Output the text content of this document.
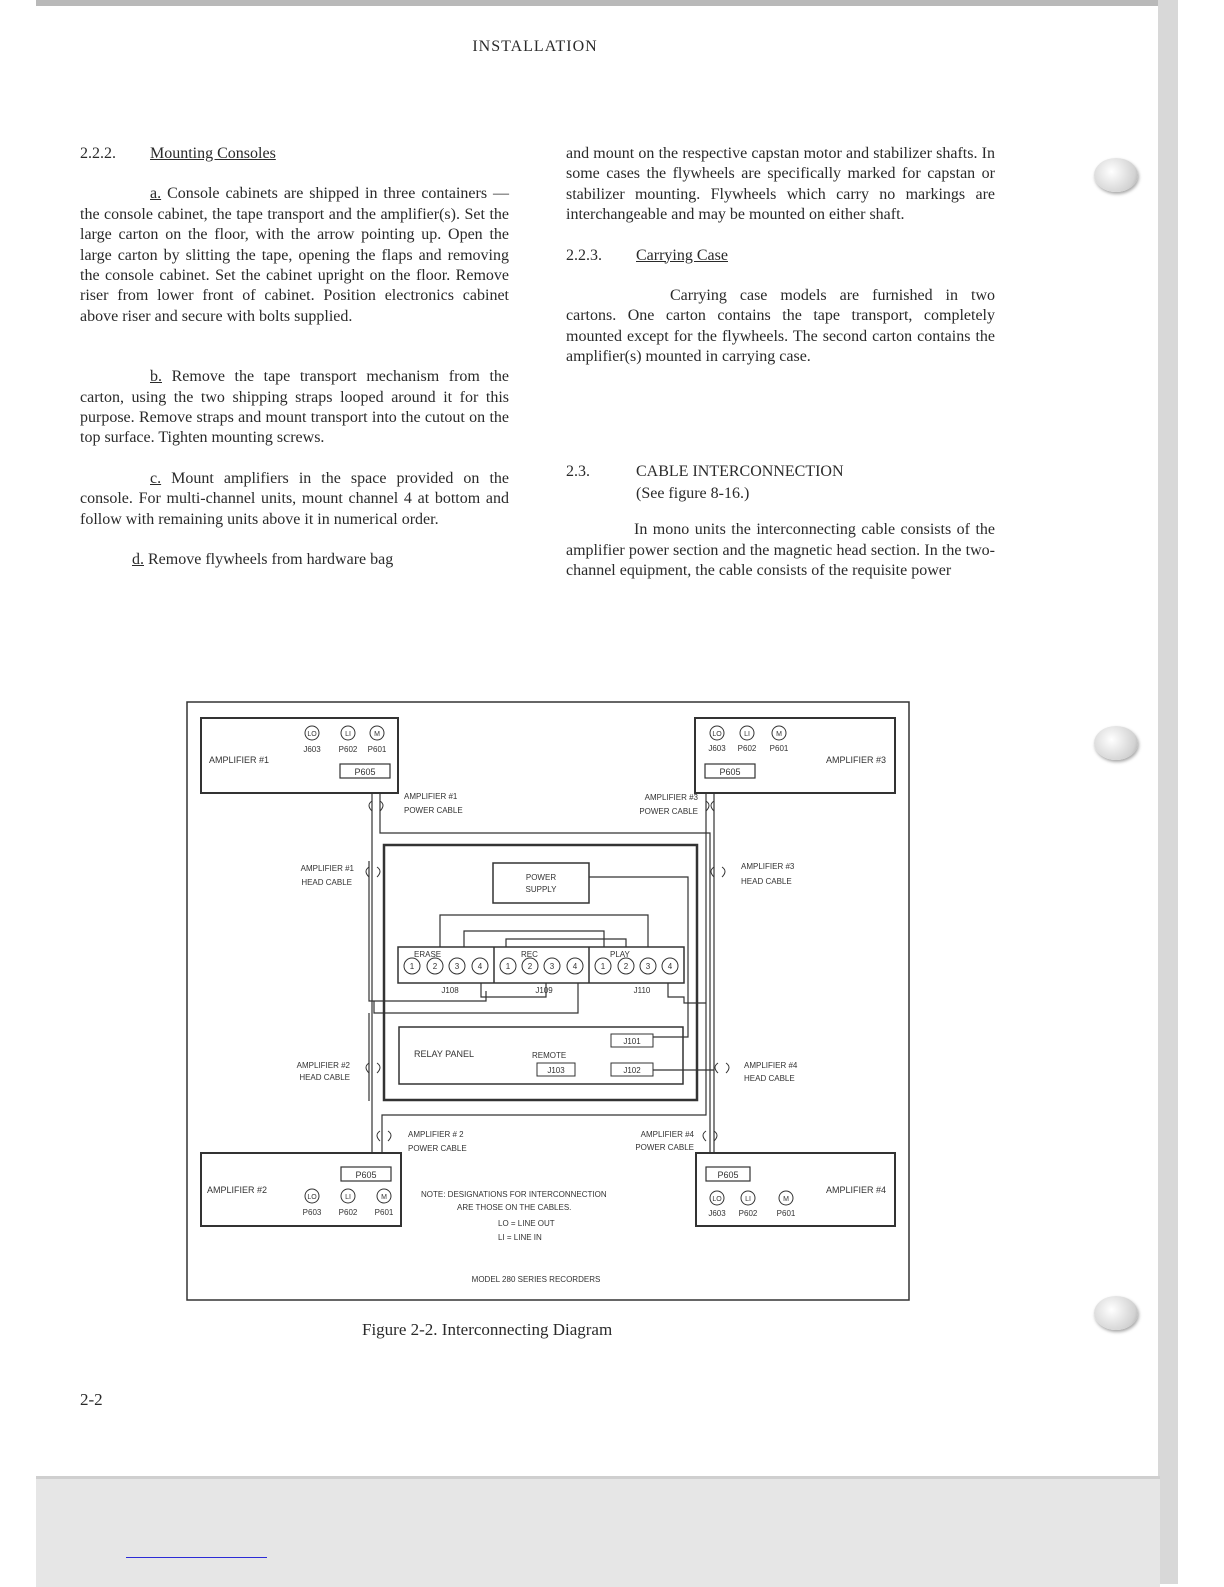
INSTALLATION
2.2.2. Mounting Consoles

a. Console cabinets are shipped in three containers — the console cabinet, the tape transport and the amplifier(s). Set the large carton on the floor, with the arrow pointing up. Open the large carton by slitting the tape, opening the flaps and removing the console cabinet. Set the cabinet upright on the floor. Remove riser from lower front of cabinet. Position electronics cabinet above riser and secure with bolts supplied.

b. Remove the tape transport mechanism from the carton, using the two shipping straps looped around it for this purpose. Remove straps and mount transport into the cutout on the top surface. Tighten mounting screws.

c. Mount amplifiers in the space provided on the console. For multi-channel units, mount channel 4 at bottom and follow with remaining units above it in numerical order.

d. Remove flywheels from hardware bag

and mount on the respective capstan motor and stabilizer shafts. In some cases the flywheels are specifically marked for capstan or stabilizer mounting. Flywheels which carry no markings are interchangeable and may be mounted on either shaft.

2.2.3. Carrying Case

Carrying case models are furnished in two cartons. One carton contains the tape transport, completely mounted except for the flywheels. The second carton contains the amplifier(s) mounted in carrying case.

2.3.	CABLE INTERCONNECTION
(See figure 8-16.)

In mono units the interconnecting cable consists of the amplifier power section and the magnetic head section. In the two-channel equipment, the cable consists of the requisite power

AMPLIFIER #1
P605
LO	LI	M
J603 P602 P601
AMPLIFIER #3
P605
LO	LI	M
J603 P602 P601
AMPLIFIER #2
P605
LO	LI	M
P603 P602 P601
AMPLIFIER #4
P605
LO	LI	M
J603 P602 P601
POWER
SUPPLY
ERASE	REC	PLAY
1 2 3 4	1 2 3 4	1 2 3 4
J108	J109	J110
RELAY PANEL	REMOTE
J103
J101
J102
AMPLIFIER #1
POWER CABLE
AMPLIFIER #3
POWER CABLE
AMPLIFIER #1
HEAD CABLE
AMPLIFIER #3
HEAD CABLE
AMPLIFIER #2
HEAD CABLE
AMPLIFIER #4
HEAD CABLE
AMPLIFIER # 2
POWER CABLE
AMPLIFIER #4
POWER CABLE
NOTE: DESIGNATIONS FOR INTERCONNECTION
ARE THOSE ON THE CABLES.
LO = LINE OUT
LI = LINE IN
MODEL 280 SERIES RECORDERS
Figure 2-2. Interconnecting Diagram
2-2
